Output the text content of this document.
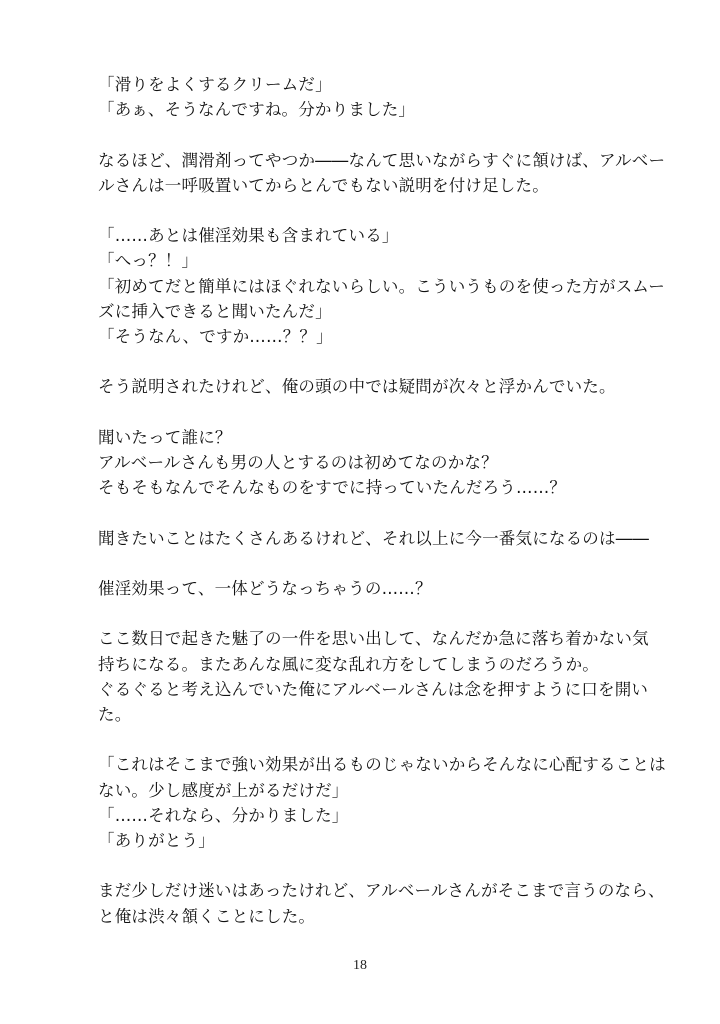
「滑りをよくするクリームだ」
「あぁ、そうなんですね。分かりました」

なるほど、潤滑剤ってやつか――なんて思いながらすぐに頷けば、アルベー
ルさんは一呼吸置いてからとんでもない説明を付け足した。

「……あとは催淫効果も含まれている」
「へっ？！」
「初めてだと簡単にはほぐれないらしい。こういうものを使った方がスムー
ズに挿入できると聞いたんだ」
「そうなん、ですか……？？」

そう説明されたけれど、俺の頭の中では疑問が次々と浮かんでいた。

聞いたって誰に？
アルベールさんも男の人とするのは初めてなのかな？
そもそもなんでそんなものをすでに持っていたんだろう……？

聞きたいことはたくさんあるけれど、それ以上に今一番気になるのは――

催淫効果って、一体どうなっちゃうの……？

ここ数日で起きた魅了の一件を思い出して、なんだか急に落ち着かない気
持ちになる。またあんな風に変な乱れ方をしてしまうのだろうか。
ぐるぐると考え込んでいた俺にアルベールさんは念を押すように口を開い
た。

「これはそこまで強い効果が出るものじゃないからそんなに心配することは
ない。少し感度が上がるだけだ」
「……それなら、分かりました」
「ありがとう」

まだ少しだけ迷いはあったけれど、アルベールさんがそこまで言うのなら、
と俺は渋々頷くことにした。

18
